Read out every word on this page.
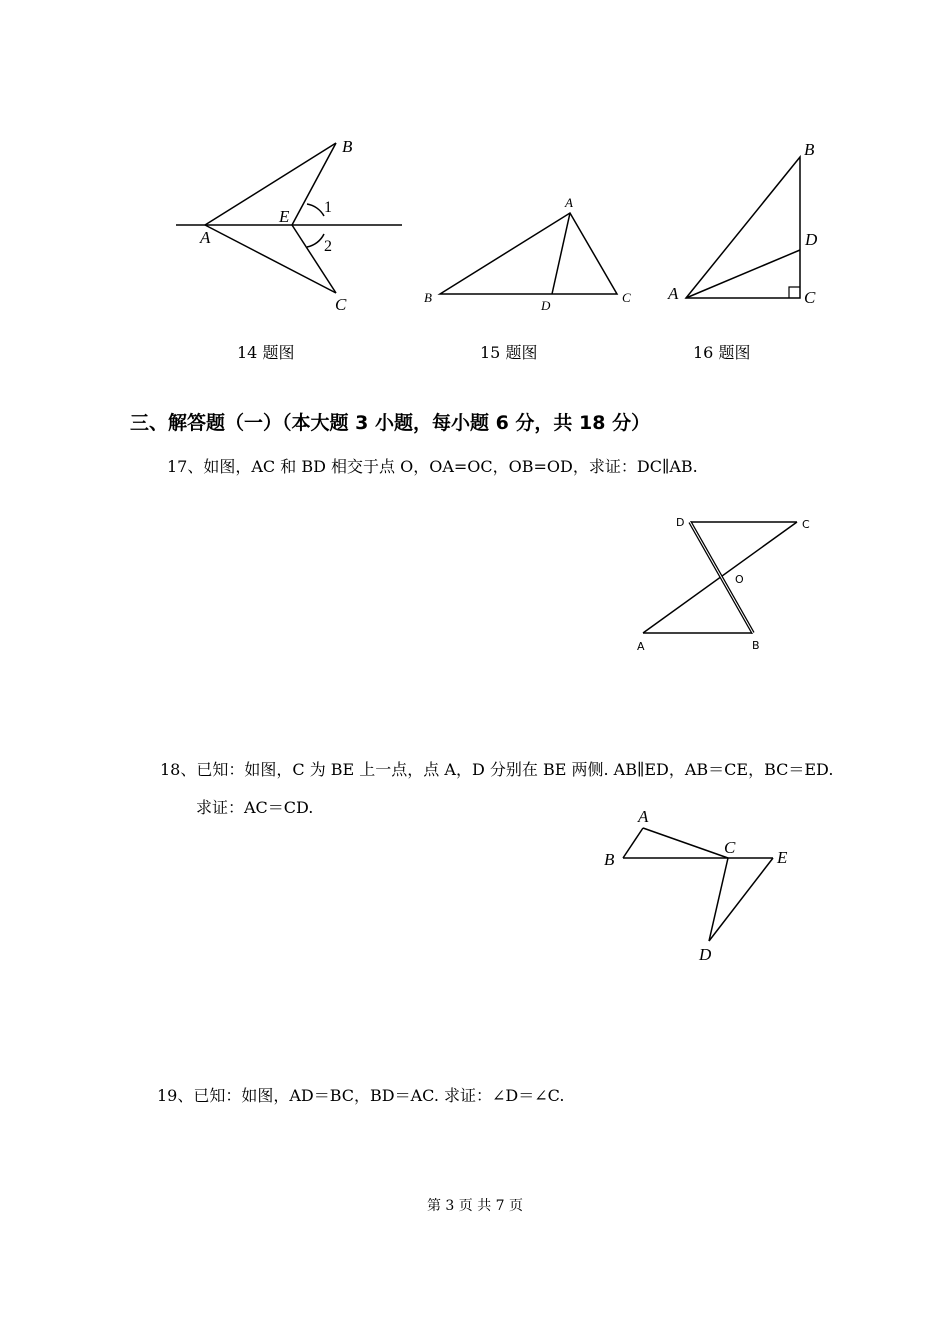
B
E
A
C
1
2
14 题图
A
B
D
C
15 题图
B
D
A	C
16 题图
三、解答题（一）（本大题 3 小题，每小题 6 分，共 18 分）
17、如图，AC 和 BD 相交于点 O，OA=OC，OB=OD，求证：DC∥AB.
D	C
O
A	B
18、已知：如图，C 为 BE 上一点，点 A，D 分别在 BE 两侧. AB∥ED，AB＝CE，BC＝ED.
求证：AC＝CD.	A
B
C
E
D
19、已知：如图，AD＝BC，BD＝AC. 求证：∠D＝∠C.
第 3 页 共 7 页
